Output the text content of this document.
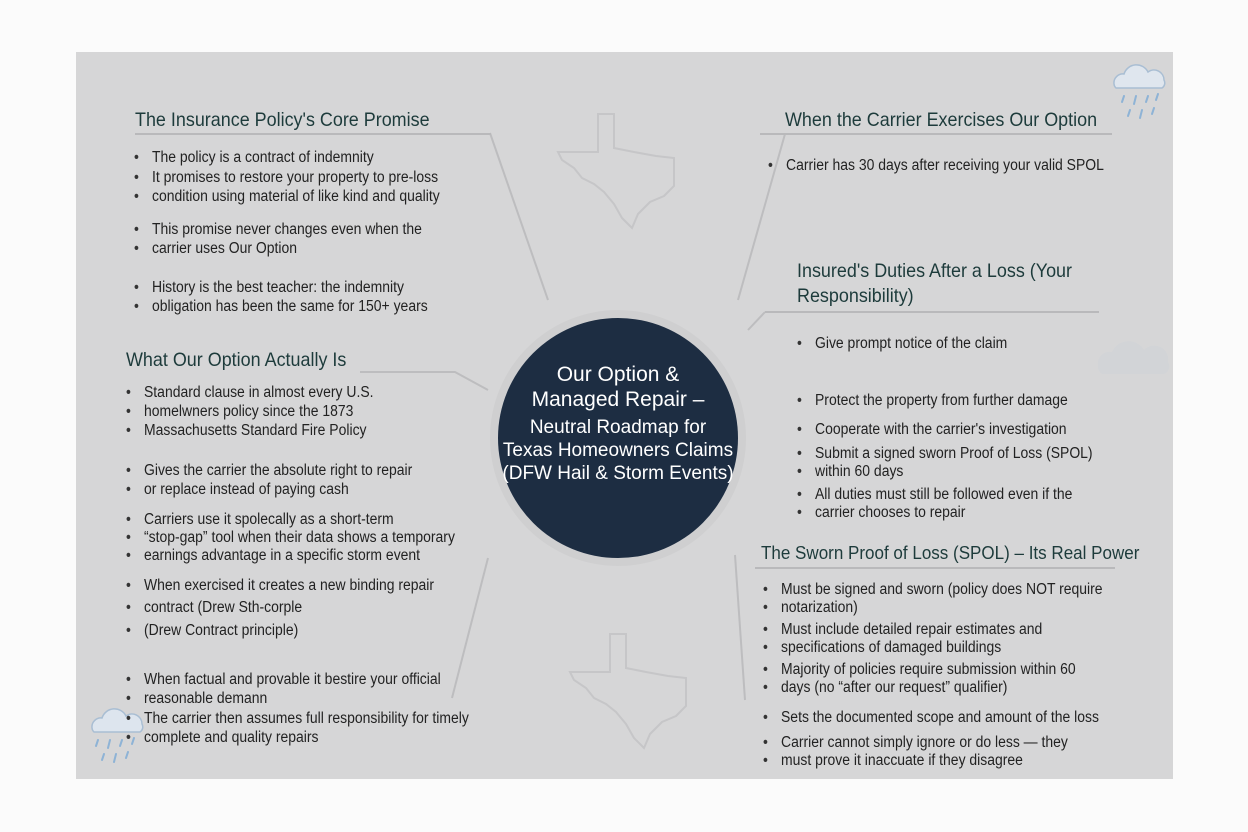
The Insurance Policy's Core Promise
• The policy is a contract of indemnity
• It promises to restore your property to pre-loss
• condition using material of like kind and quality
• This promise never changes even when the
• carrier uses Our Option
• History is the best teacher: the indemnity
• obligation has been the same for 150+ years
What Our Option Actually Is
• Standard clause in almost every U.S.
• homelwners policy since the 1873
• Massachusetts Standard Fire Policy
• Gives the carrier the absolute right to repair
• or replace instead of paying cash
• Carriers use it spolecally as a short-term
• “stop-gap” tool when their data shows a temporary
• earnings advantage in a specific storm event
• When exercised it creates a new binding repair
• contract (Drew Sth-corple
• (Drew Contract principle)
• When factual and provable it bestire your official
• reasonable demann
• The carrier then assumes full responsibility for timely
• complete and quality repairs
When the Carrier Exercises Our Option
• Carrier has 30 days after receiving your valid SPOL
Insured's Duties After a Loss (Your
Responsibility)
• Give prompt notice of the claim
• Protect the property from further damage
• Cooperate with the carrier's investigation
• Submit a signed sworn Proof of Loss (SPOL)
• within 60 days
• All duties must still be followed even if the
• carrier chooses to repair
The Sworn Proof of Loss (SPOL) – Its Real Power
• Must be signed and sworn (policy does NOT require
• notarization)
• Must include detailed repair estimates and
• specifications of damaged buildings
• Majority of policies require submission within 60
• days (no “after our request” qualifier)
• Sets the documented scope and amount of the loss
• Carrier cannot simply ignore or do less — they
• must prove it inaccuate if they disagree
Our Option &
Managed Repair –
Neutral Roadmap for
Texas Homeowners Claims
(DFW Hail & Storm Events)
